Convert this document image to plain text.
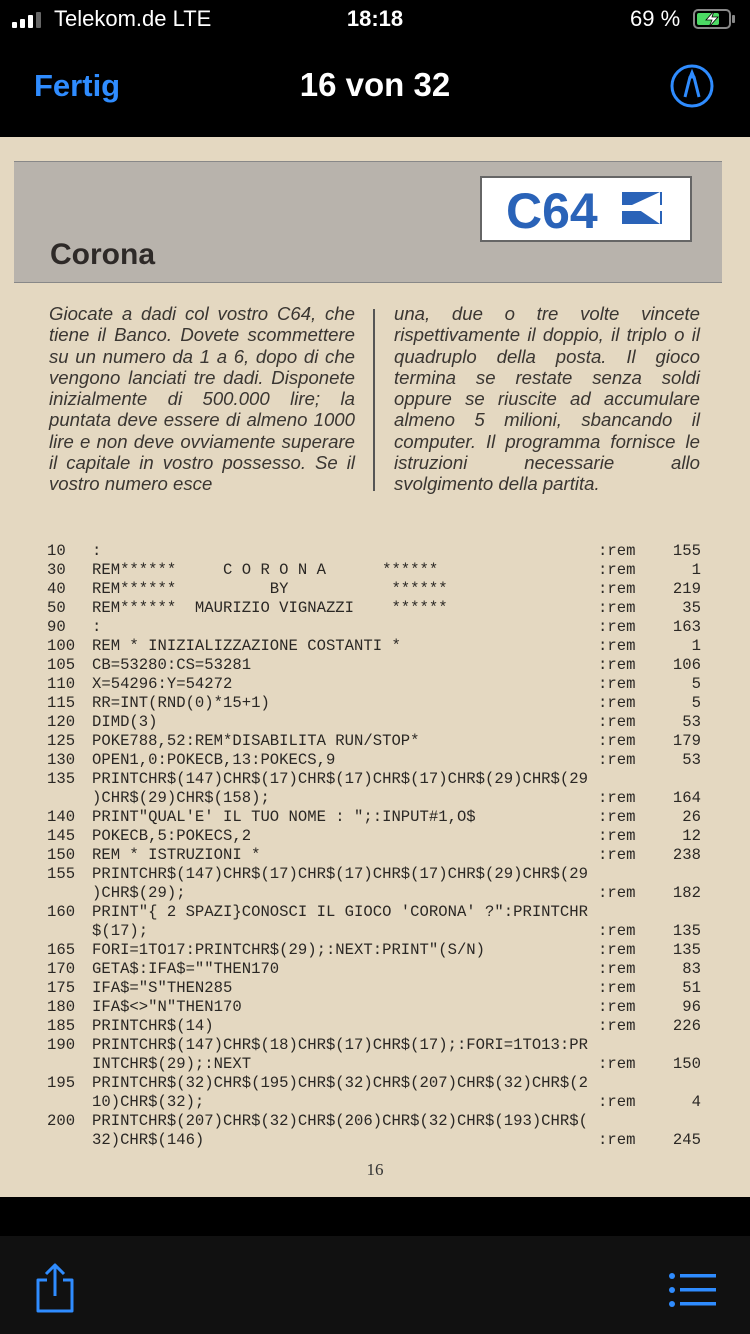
Telekom.de LTE	18:18	69 %
Fertig	16 von 32
C64
Corona
Giocate a dadi col vostro C64, che tiene il Banco. Dovete scommettere su un numero da 1 a 6, dopo di che vengono lanciati tre dadi. Disponete inizialmente di 500.000 lire; la puntata deve essere di almeno 1000 lire e non deve ovviamente superare il capitale in vostro possesso. Se il vostro numero esce
una, due o tre volte vincete rispettivamente il doppio, il triplo o il quadruplo della posta. Il gioco termina se restate senza soldi oppure se riuscite ad accumulare almeno 5 milioni, sbancando il computer. Il programma fornisce le istruzioni necessarie allo svolgimento della partita.
10	:	:rem 155
30	REM******     C O R O N A      ******	:rem	1
40	REM******          BY           ******	:rem 219
50	REM******  MAURIZIO VIGNAZZI    ******	:rem	35
90	:	:rem 163
100	REM * INIZIALIZZAZIONE COSTANTI *	:rem	1
105	CB=53280:CS=53281	:rem 106
110	X=54296:Y=54272	:rem	5
115	RR=INT(RND(0)*15+1)	:rem	5
120	DIMD(3)	:rem	53
125	POKE788,52:REM*DISABILITA RUN/STOP*	:rem 179
130	OPEN1,0:POKECB,13:POKECS,9	:rem	53
135	PRINTCHR$(147)CHR$(17)CHR$(17)CHR$(17)CHR$(29)CHR$(29
)CHR$(29)CHR$(158);	:rem 164
140	PRINT"QUAL'E' IL TUO NOME : ";:INPUT#1,O$	:rem	26
145	POKECB,5:POKECS,2	:rem	12
150	REM * ISTRUZIONI *	:rem 238
155	PRINTCHR$(147)CHR$(17)CHR$(17)CHR$(17)CHR$(29)CHR$(29
)CHR$(29);	:rem 182
160	PRINT"{ 2 SPAZI}CONOSCI IL GIOCO 'CORONA' ?":PRINTCHR
$(17);	:rem 135
165	FORI=1TO17:PRINTCHR$(29);:NEXT:PRINT"(S/N)	:rem 135
170	GETA$:IFA$=""THEN170	:rem	83
175	IFA$="S"THEN285	:rem	51
180	IFA$<>"N"THEN170	:rem	96
185	PRINTCHR$(14)	:rem 226
190	PRINTCHR$(147)CHR$(18)CHR$(17)CHR$(17);:FORI=1TO13:PR
INTCHR$(29);:NEXT	:rem 150
195	PRINTCHR$(32)CHR$(195)CHR$(32)CHR$(207)CHR$(32)CHR$(2
10)CHR$(32);	:rem	4
200	PRINTCHR$(207)CHR$(32)CHR$(206)CHR$(32)CHR$(193)CHR$(
32)CHR$(146)	:rem 245
16
